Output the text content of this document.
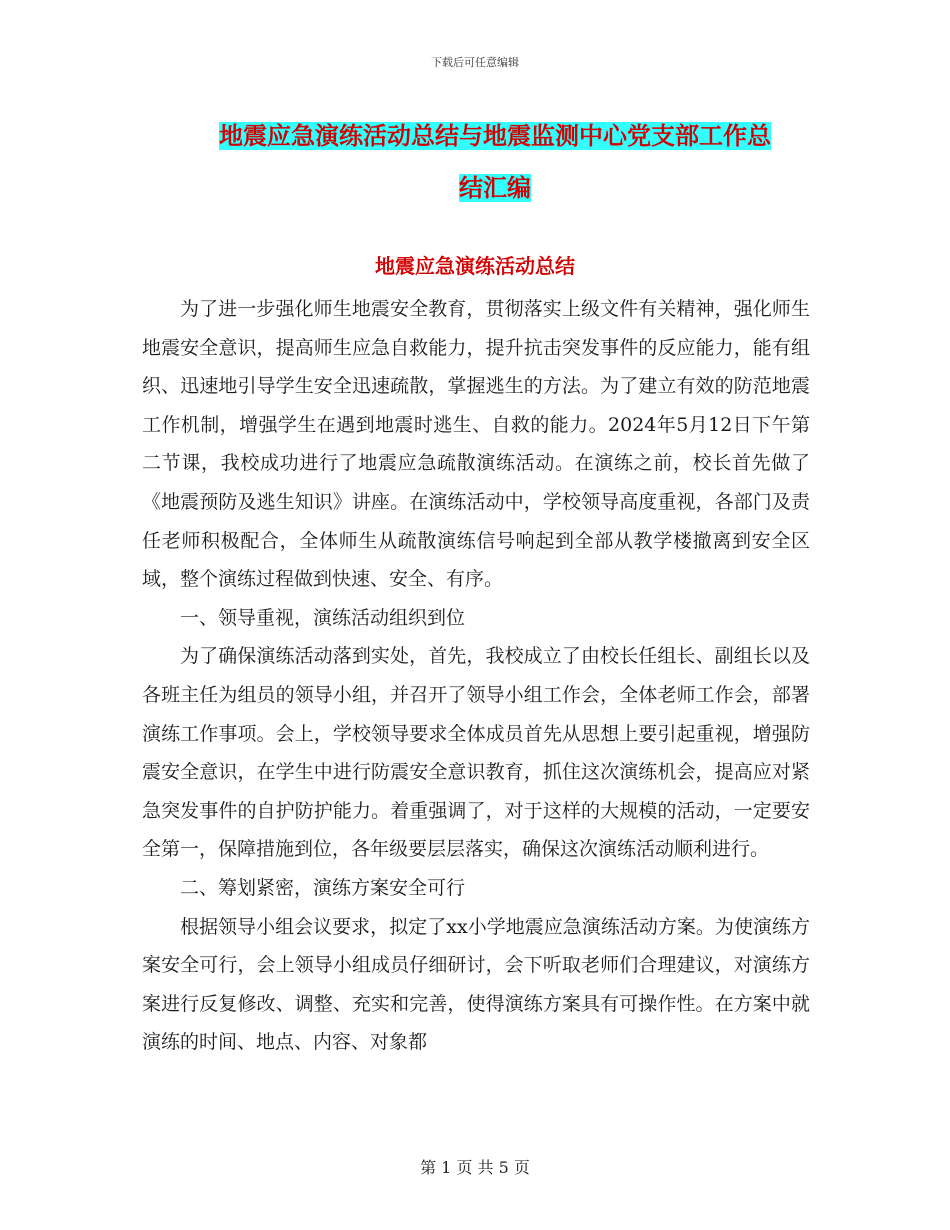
下载后可任意编辑
地震应急演练活动总结与地震监测中心党支部工作总
结汇编
地震应急演练活动总结

为了进一步强化师生地震安全教育，贯彻落实上级文件有关精神，强化师生地震安全意识，提高师生应急自救能力，提升抗击突发事件的反应能力，能有组织、迅速地引导学生安全迅速疏散，掌握逃生的方法。为了建立有效的防范地震工作机制，增强学生在遇到地震时逃生、自救的能力。2024年5月12日下午第二节课，我校成功进行了地震应急疏散演练活动。在演练之前，校长首先做了《地震预防及逃生知识》讲座。在演练活动中，学校领导高度重视，各部门及责任老师积极配合，全体师生从疏散演练信号响起到全部从教学楼撤离到安全区域，整个演练过程做到快速、安全、有序。

一、领导重视，演练活动组织到位

为了确保演练活动落到实处，首先，我校成立了由校长任组长、副组长以及各班主任为组员的领导小组，并召开了领导小组工作会，全体老师工作会，部署演练工作事项。会上，学校领导要求全体成员首先从思想上要引起重视，增强防震安全意识，在学生中进行防震安全意识教育，抓住这次演练机会，提高应对紧急突发事件的自护防护能力。着重强调了，对于这样的大规模的活动，一定要安全第一，保障措施到位，各年级要层层落实，确保这次演练活动顺利进行。

二、筹划紧密，演练方案安全可行

根据领导小组会议要求，拟定了xx小学地震应急演练活动方案。为使演练方案安全可行，会上领导小组成员仔细研讨，会下听取老师们合理建议，对演练方案进行反复修改、调整、充实和完善，使得演练方案具有可操作性。在方案中就演练的时间、地点、内容、对象都

第 1 页 共 5 页
